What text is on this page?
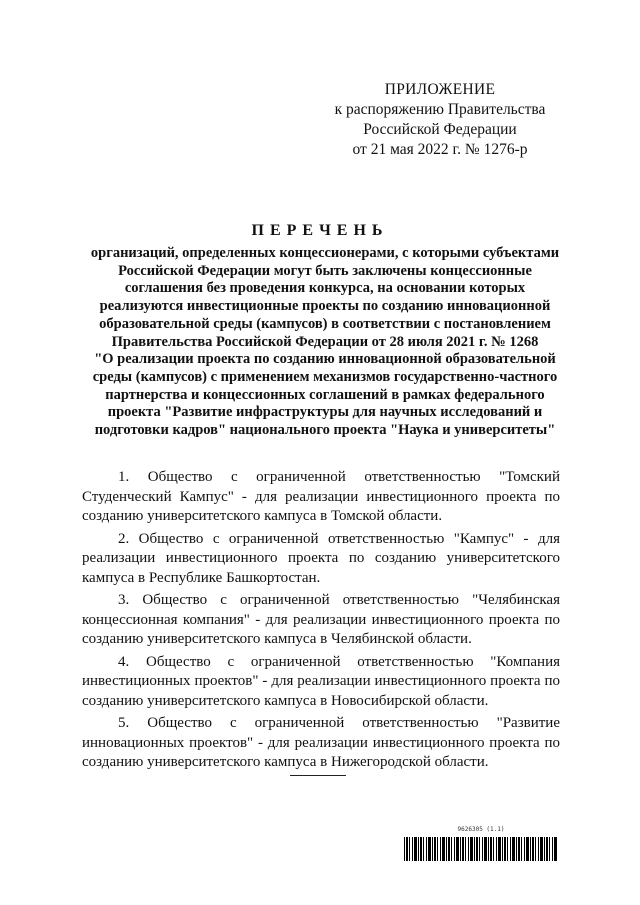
ПРИЛОЖЕНИЕ
к распоряжению Правительства
Российской Федерации
от 21 мая 2022 г. № 1276-р
ПЕРЕЧЕНЬ
организаций, определенных концессионерами, с которыми субъектами
Российской Федерации могут быть заключены концессионные
соглашения без проведения конкурса, на основании которых
реализуются инвестиционные проекты по созданию инновационной
образовательной среды (кампусов) в соответствии с постановлением
Правительства Российской Федерации от 28 июля 2021 г. № 1268
"О реализации проекта по созданию инновационной образовательной
среды (кампусов) с применением механизмов государственно-частного
партнерства и концессионных соглашений в рамках федерального
проекта "Развитие инфраструктуры для научных исследований и
подготовки кадров" национального проекта "Наука и университеты"

1. Общество с ограниченной ответственностью "Томский Студенческий Кампус" - для реализации инвестиционного проекта по созданию университетского кампуса в Томской области.

2. Общество с ограниченной ответственностью "Кампус" - для реализации инвестиционного проекта по созданию университетского кампуса в Республике Башкортостан.

3. Общество с ограниченной ответственностью "Челябинская концессионная компания" - для реализации инвестиционного проекта по созданию университетского кампуса в Челябинской области.

4. Общество с ограниченной ответственностью "Компания инвестиционных проектов" - для реализации инвестиционного проекта по созданию университетского кампуса в Новосибирской области.

5. Общество с ограниченной ответственностью "Развитие инновационных проектов" - для реализации инвестиционного проекта по созданию университетского кампуса в Нижегородской области.

9626305 (1.1)
